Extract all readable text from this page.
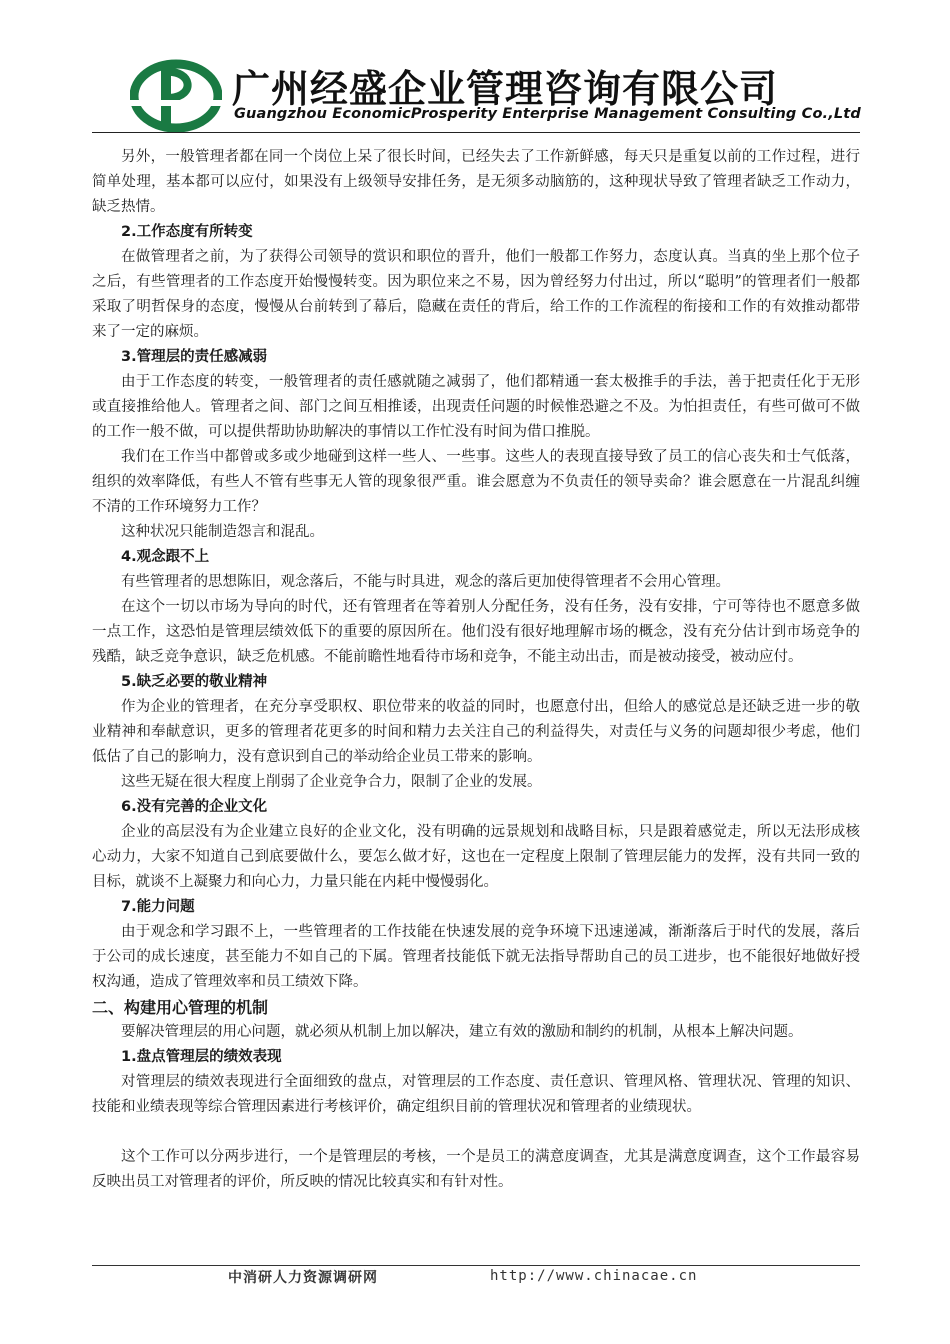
广州经盛企业管理咨询有限公司
Guangzhou EconomicProsperity Enterprise Management Consulting Co.,Ltd

另外，一般管理者都在同一个岗位上呆了很长时间，已经失去了工作新鲜感，每天只是重复以前的工作过程，进行简单处理，基本都可以应付，如果没有上级领导安排任务，是无须多动脑筋的，这种现状导致了管理者缺乏工作动力，缺乏热情。

2.工作态度有所转变

在做管理者之前，为了获得公司领导的赏识和职位的晋升，他们一般都工作努力，态度认真。当真的坐上那个位子之后，有些管理者的工作态度开始慢慢转变。因为职位来之不易，因为曾经努力付出过，所以“聪明”的管理者们一般都采取了明哲保身的态度，慢慢从台前转到了幕后，隐藏在责任的背后，给工作的工作流程的衔接和工作的有效推动都带来了一定的麻烦。

3.管理层的责任感减弱

由于工作态度的转变，一般管理者的责任感就随之减弱了，他们都精通一套太极推手的手法，善于把责任化于无形或直接推给他人。管理者之间、部门之间互相推诿，出现责任问题的时候惟恐避之不及。为怕担责任，有些可做可不做的工作一般不做，可以提供帮助协助解决的事情以工作忙没有时间为借口推脱。

我们在工作当中都曾或多或少地碰到这样一些人、一些事。这些人的表现直接导致了员工的信心丧失和士气低落，组织的效率降低，有些人不管有些事无人管的现象很严重。谁会愿意为不负责任的领导卖命？谁会愿意在一片混乱纠缠不清的工作环境努力工作？

这种状况只能制造怨言和混乱。

4.观念跟不上

有些管理者的思想陈旧，观念落后，不能与时具进，观念的落后更加使得管理者不会用心管理。

在这个一切以市场为导向的时代，还有管理者在等着别人分配任务，没有任务，没有安排，宁可等待也不愿意多做一点工作，这恐怕是管理层绩效低下的重要的原因所在。他们没有很好地理解市场的概念，没有充分估计到市场竞争的残酷，缺乏竞争意识，缺乏危机感。不能前瞻性地看待市场和竞争，不能主动出击，而是被动接受，被动应付。

5.缺乏必要的敬业精神

作为企业的管理者，在充分享受职权、职位带来的收益的同时，也愿意付出，但给人的感觉总是还缺乏进一步的敬业精神和奉献意识，更多的管理者花更多的时间和精力去关注自己的利益得失，对责任与义务的问题却很少考虑，他们低估了自己的影响力，没有意识到自己的举动给企业员工带来的影响。

这些无疑在很大程度上削弱了企业竞争合力，限制了企业的发展。

6.没有完善的企业文化

企业的高层没有为企业建立良好的企业文化，没有明确的远景规划和战略目标，只是跟着感觉走，所以无法形成核心动力，大家不知道自己到底要做什么，要怎么做才好，这也在一定程度上限制了管理层能力的发挥，没有共同一致的目标，就谈不上凝聚力和向心力，力量只能在内耗中慢慢弱化。

7.能力问题

由于观念和学习跟不上，一些管理者的工作技能在快速发展的竞争环境下迅速递减，渐渐落后于时代的发展，落后于公司的成长速度，甚至能力不如自己的下属。管理者技能低下就无法指导帮助自己的员工进步，也不能很好地做好授权沟通，造成了管理效率和员工绩效下降。

二、构建用心管理的机制

要解决管理层的用心问题，就必须从机制上加以解决，建立有效的激励和制约的机制，从根本上解决问题。

1.盘点管理层的绩效表现

对管理层的绩效表现进行全面细致的盘点，对管理层的工作态度、责任意识、管理风格、管理状况、管理的知识、技能和业绩表现等综合管理因素进行考核评价，确定组织目前的管理状况和管理者的业绩现状。

这个工作可以分两步进行，一个是管理层的考核，一个是员工的满意度调查，尤其是满意度调查，这个工作最容易反映出员工对管理者的评价，所反映的情况比较真实和有针对性。

中消研人力资源调研网	http://www.chinacae.cn
